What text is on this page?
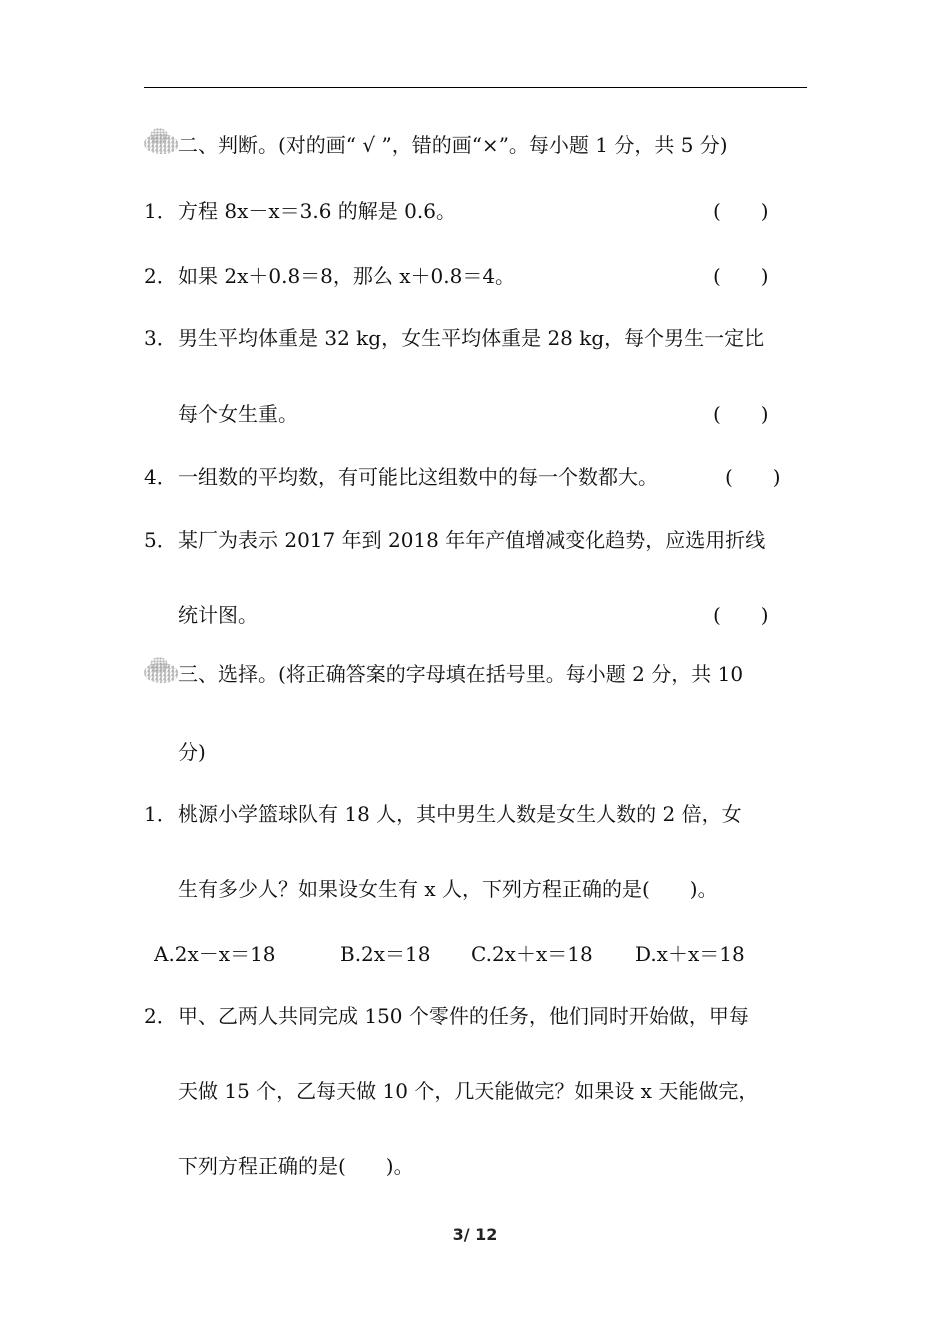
二、判断。(对的画“ √ ”，错的画“×”。每小题 1 分，共 5 分)
1． 方程 8x－x＝3.6 的解是 0.6。	(　　)
2． 如果 2x＋0.8＝8，那么 x＋0.8＝4。	(　　)
3． 男生平均体重是 32 kg，女生平均体重是 28 kg，每个男生一定比
每个女生重。	(　　)
4． 一组数的平均数，有可能比这组数中的每一个数都大。	(　　)
5． 某厂为表示 2017 年到 2018 年年产值增减变化趋势，应选用折线
统计图。	(　　)
三、选择。(将正确答案的字母填在括号里。每小题 2 分，共 10
分)
1． 桃源小学篮球队有 18 人，其中男生人数是女生人数的 2 倍，女
生有多少人？如果设女生有 x 人，下列方程正确的是(　　)。
A.2x－x＝18	B.2x＝18 C.2x＋x＝18 D.x＋x＝18
2． 甲、乙两人共同完成 150 个零件的任务，他们同时开始做，甲每
天做 15 个，乙每天做 10 个，几天能做完？如果设 x 天能做完，
下列方程正确的是(　　)。
3/ 12
